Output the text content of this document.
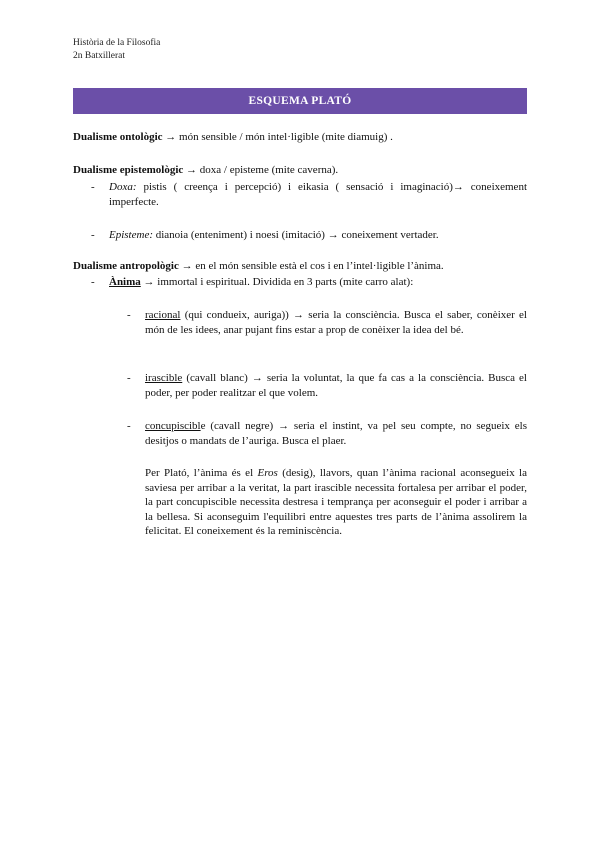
Història de la Filosofia
2n Batxillerat
ESQUEMA PLATÓ
Dualisme ontològic → món sensible / món intel·ligible (mite diamuig) .
Dualisme epistemològic → doxa / episteme (mite caverna).
- Doxa: pistis ( creença i percepció) i eikasia ( sensació i imaginació)→ coneixement imperfecte.
- Episteme: dianoia (enteniment) i noesi (imitació) → coneixement vertader.
Dualisme antropològic → en el món sensible està el cos i en l’intel·ligible l’ànima.
- Ànima → immortal i espiritual. Dividida en 3 parts (mite carro alat):
- racional (qui condueix, auriga)) → seria la consciència. Busca el saber, conèixer el món de les idees, anar pujant fins estar a prop de conèixer la idea del bé.
- irascible (cavall blanc) → seria la voluntat, la que fa cas a la consciència. Busca el poder, per poder realitzar el que volem.
- concupiscible (cavall negre) → seria el instint, va pel seu compte, no segueix els desitjos o mandats de l’auriga. Busca el plaer.
Per Plató, l’ànima és el Eros (desig), llavors, quan l’ànima racional aconsegueix la saviesa per arribar a la veritat, la part irascible necessita fortalesa per arribar el poder, la part concupiscible necessita destresa i temprança per aconseguir el poder i arribar a la bellesa. Si aconseguim l'equilibri entre aquestes tres parts de l’ànima assolirem la felicitat. El coneixement és la reminiscència.
